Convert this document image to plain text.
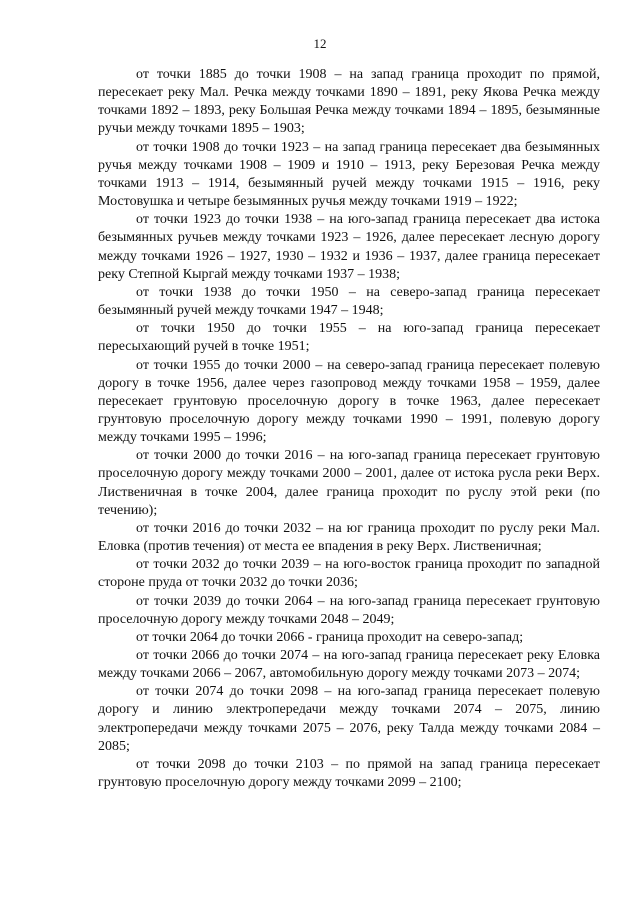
12

от точки 1885 до точки 1908 – на запад граница проходит по прямой, пересекает реку Мал. Речка между точками 1890 – 1891, реку Якова Речка между точками 1892 – 1893, реку Большая Речка между точками 1894 – 1895, безымянные ручьи между точками 1895 – 1903;

от точки 1908 до точки 1923 – на запад граница пересекает два безымянных ручья между точками 1908 – 1909 и 1910 – 1913, реку Березовая Речка между точками 1913 – 1914, безымянный ручей между точками 1915 – 1916, реку Мостовушка и четыре безымянных ручья между точками 1919 – 1922;

от точки 1923 до точки 1938 – на юго-запад граница пересекает два истока безымянных ручьев между точками 1923 – 1926, далее пересекает лесную дорогу между точками 1926 – 1927, 1930 – 1932 и 1936 – 1937, далее граница пересекает реку Степной Кыргай между точками 1937 – 1938;

от точки 1938 до точки 1950 – на северо-запад граница пересекает безымянный ручей между точками 1947 – 1948;

от точки 1950 до точки 1955 – на юго-запад граница пересекает пересыхающий ручей в точке 1951;

от точки 1955 до точки 2000 – на северо-запад граница пересекает полевую дорогу в точке 1956, далее через газопровод между точками 1958 – 1959, далее пересекает грунтовую проселочную дорогу в точке 1963, далее пересекает грунтовую проселочную дорогу между точками 1990 – 1991, полевую дорогу между точками 1995 – 1996;

от точки 2000 до точки 2016 – на юго-запад граница пересекает грунтовую проселочную дорогу между точками 2000 – 2001, далее от истока русла реки Верх. Лиственичная в точке 2004, далее граница проходит по руслу этой реки (по течению);

от точки 2016 до точки 2032 – на юг граница проходит по руслу реки Мал. Еловка (против течения) от места ее впадения в реку Верх. Лиственичная;

от точки 2032 до точки 2039 – на юго-восток граница проходит по западной стороне пруда от точки 2032 до точки 2036;

от точки 2039 до точки 2064 – на юго-запад граница пересекает грунтовую проселочную дорогу между точками 2048 – 2049;

от точки 2064 до точки 2066 - граница проходит на северо-запад;

от точки 2066 до точки 2074 – на юго-запад граница пересекает реку Еловка между точками 2066 – 2067, автомобильную дорогу между точками 2073 – 2074;

от точки 2074 до точки 2098 – на юго-запад граница пересекает полевую дорогу и линию электропередачи между точками 2074 – 2075, линию электропередачи между точками 2075 – 2076, реку Талда между точками 2084 – 2085;

от точки 2098 до точки 2103 – по прямой на запад граница пересекает грунтовую проселочную дорогу между точками 2099 – 2100;
